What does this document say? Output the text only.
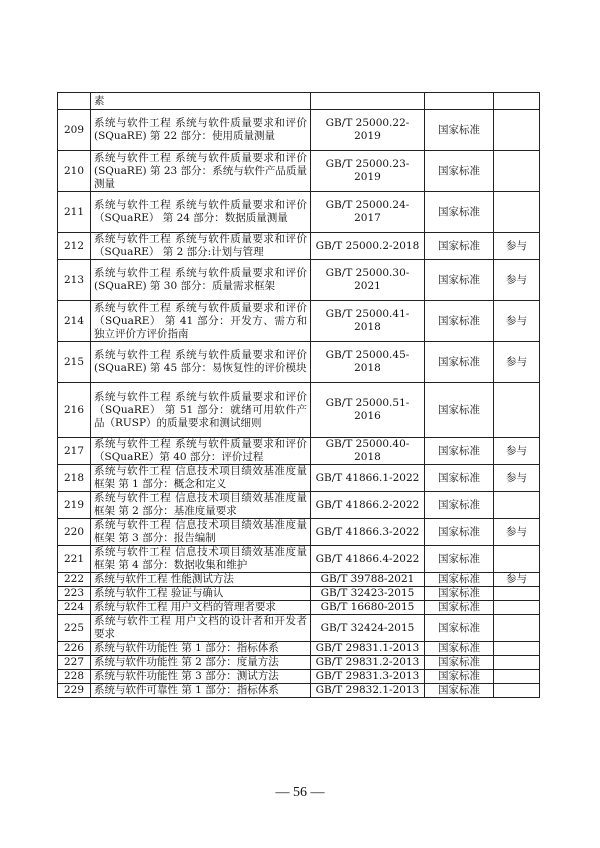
	素			
209	系统与软件工程 系统与软件质量要求和评价(SQuaRE) 第 22 部分：使用质量测量	GB/T 25000.22-2019	国家标准	
210	系统与软件工程 系统与软件质量要求和评价(SQuaRE) 第 23 部分：系统与软件产品质量测量	GB/T 25000.23-2019	国家标准	
211	系统与软件工程 系统与软件质量要求和评价（SQuaRE） 第 24 部分：数据质量测量	GB/T 25000.24-2017	国家标准	
212	系统与软件工程 系统与软件质量要求和评价（SQuaRE） 第 2 部分:计划与管理	GB/T 25000.2-2018	国家标准	参与
213	系统与软件工程 系统与软件质量要求和评价(SQuaRE) 第 30 部分：质量需求框架	GB/T 25000.30-2021	国家标准	参与
214	系统与软件工程 系统与软件质量要求和评价（SQuaRE） 第 41 部分：开发方、需方和独立评价方评价指南	GB/T 25000.41-2018	国家标准	参与
215	系统与软件工程 系统与软件质量要求和评价(SQuaRE) 第 45 部分：易恢复性的评价模块	GB/T 25000.45-2018	国家标准	参与
216	系统与软件工程 系统与软件质量要求和评价（SQuaRE） 第 51 部分：就绪可用软件产品（RUSP）的质量要求和测试细则	GB/T 25000.51-2016	国家标准	
217	系统与软件工程 系统与软件质量要求和评价（SQuaRE）第 40 部分：评价过程	GB/T 25000.40-2018	国家标准	参与
218	系统与软件工程 信息技术项目绩效基准度量框架 第 1 部分：概念和定义	GB/T 41866.1-2022	国家标准	参与
219	系统与软件工程 信息技术项目绩效基准度量框架 第 2 部分：基准度量要求	GB/T 41866.2-2022	国家标准	
220	系统与软件工程 信息技术项目绩效基准度量框架 第 3 部分：报告编制	GB/T 41866.3-2022	国家标准	参与
221	系统与软件工程 信息技术项目绩效基准度量框架 第 4 部分：数据收集和维护	GB/T 41866.4-2022	国家标准	
222	系统与软件工程 性能测试方法	GB/T 39788-2021	国家标准	参与
223	系统与软件工程 验证与确认	GB/T 32423-2015	国家标准	
224	系统与软件工程 用户文档的管理者要求	GB/T 16680-2015	国家标准	
225	系统与软件工程 用户文档的设计者和开发者要求	GB/T 32424-2015	国家标准	
226	系统与软件功能性 第 1 部分：指标体系	GB/T 29831.1-2013	国家标准	
227	系统与软件功能性 第 2 部分：度量方法	GB/T 29831.2-2013	国家标准	
228	系统与软件功能性 第 3 部分：测试方法	GB/T 29831.3-2013	国家标准	
229	系统与软件可靠性 第 1 部分：指标体系	GB/T 29832.1-2013	国家标准	
— 56 —
